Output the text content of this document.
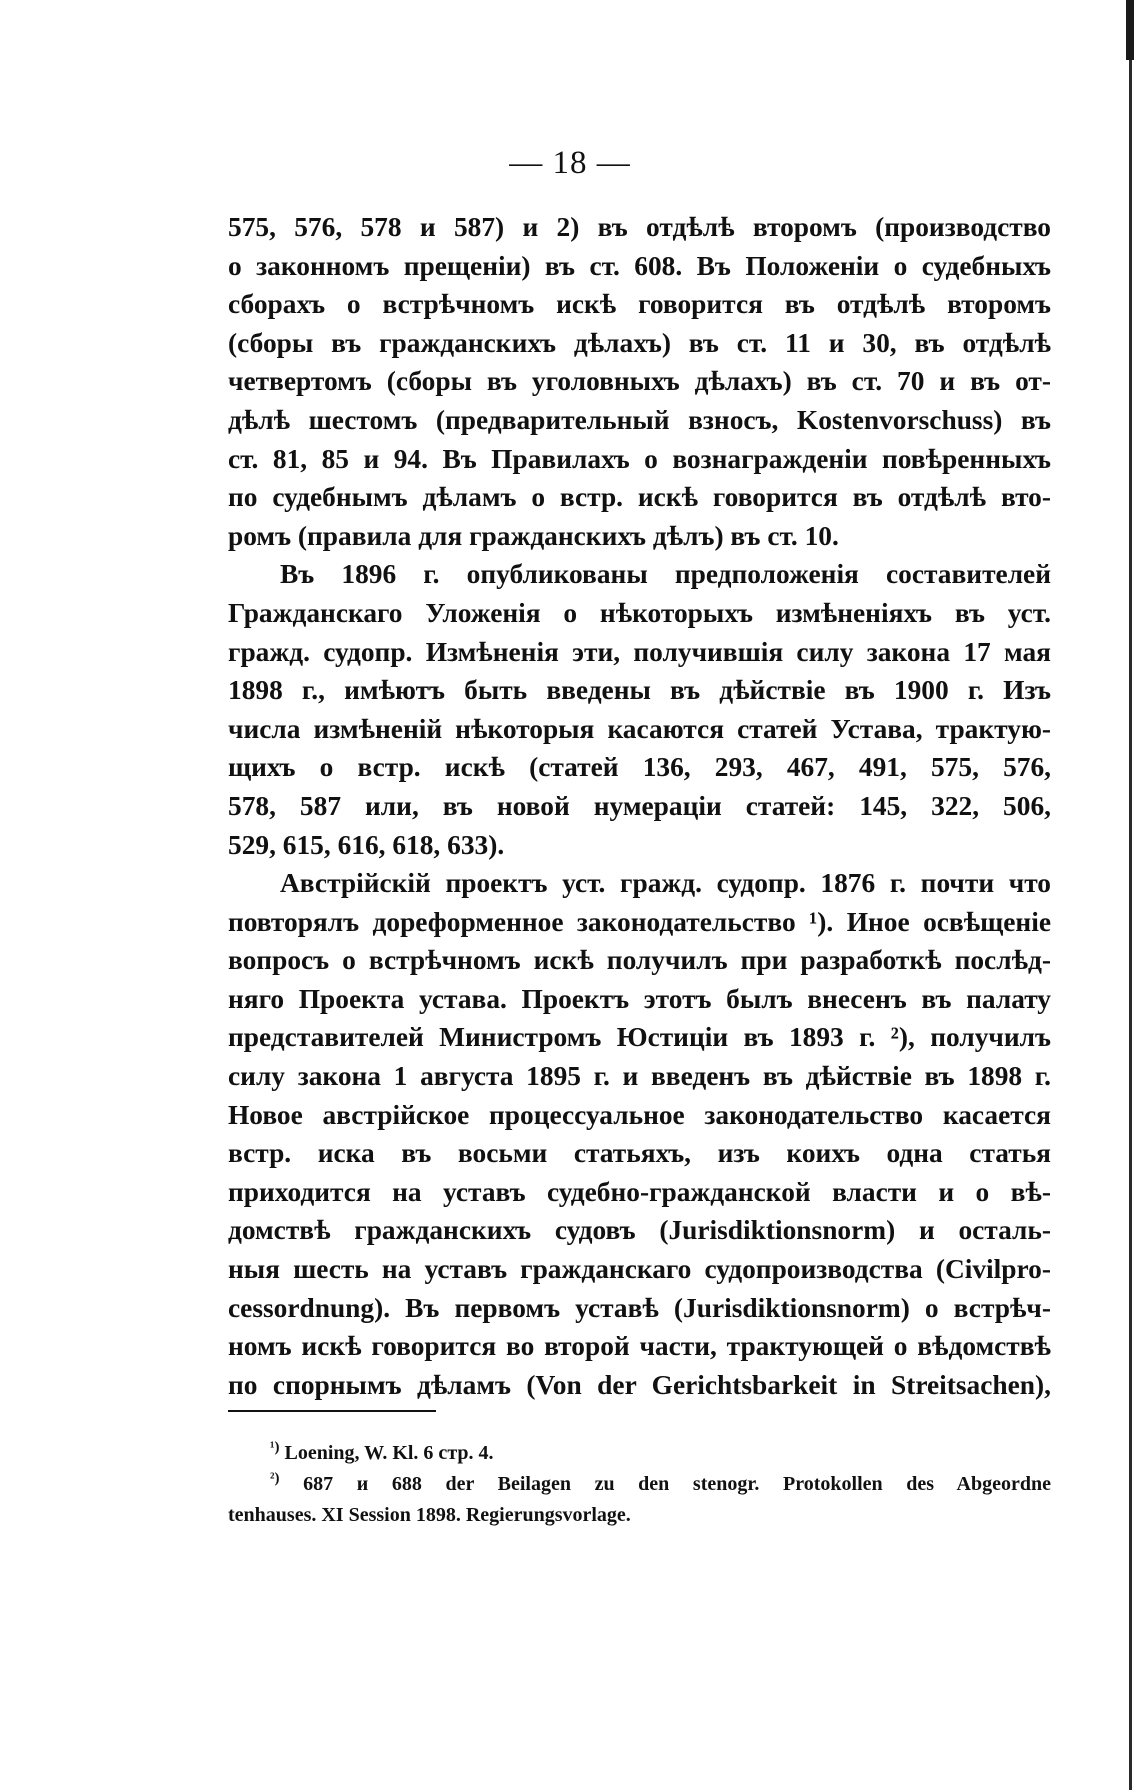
— 18 —
575, 576, 578 и 587) и 2) въ отдѣлѣ второмъ (производство
о законномъ прещеніи) въ ст. 608. Въ Положеніи о судебныхъ
сборахъ о встрѣчномъ искѣ говорится въ отдѣлѣ второмъ
(сборы въ гражданскихъ дѣлахъ) въ ст. 11 и 30, въ отдѣлѣ
четвертомъ (сборы въ уголовныхъ дѣлахъ) въ ст. 70 и въ от-
дѣлѣ шестомъ (предварительный взносъ, Kostenvorschuss) въ
ст. 81, 85 и 94. Въ Правилахъ о вознагражденіи повѣренныхъ
по судебнымъ дѣламъ о встр. искѣ говорится въ отдѣлѣ вто-
ромъ (правила для гражданскихъ дѣлъ) въ ст. 10.
Въ 1896 г. опубликованы предположенія составителей
Гражданскаго Уложенія о нѣкоторыхъ измѣненіяхъ въ уст.
гражд. судопр. Измѣненія эти, получившія силу закона 17 мая
1898 г., имѣютъ быть введены въ дѣйствіе въ 1900 г. Изъ
числа измѣненій нѣкоторыя касаются статей Устава, трактую-
щихъ о встр. искѣ (статей 136, 293, 467, 491, 575, 576,
578, 587 или, въ новой нумераціи статей: 145, 322, 506,
529, 615, 616, 618, 633).
Австрійскій проектъ уст. гражд. судопр. 1876 г. почти что
повторялъ дореформенное законодательство ¹). Иное освѣщеніе
вопросъ о встрѣчномъ искѣ получилъ при разработкѣ послѣд-
няго Проекта устава. Проектъ этотъ былъ внесенъ въ палату
представителей Министромъ Юстиціи въ 1893 г. ²), получилъ
силу закона 1 августа 1895 г. и введенъ въ дѣйствіе въ 1898 г.
Новое австрійское процессуальное законодательство касается
встр. иска въ восьми статьяхъ, изъ коихъ одна статья
приходится на уставъ судебно-гражданской власти и о вѣ-
домствѣ гражданскихъ судовъ (Jurisdiktionsnorm) и осталь-
ныя шесть на уставъ гражданскаго судопроизводства (Civilpro-
cessordnung). Въ первомъ уставѣ (Jurisdiktionsnorm) о встрѣч-
номъ искѣ говорится во второй части, трактующей о вѣдомствѣ
по спорнымъ дѣламъ (Von der Gerichtsbarkeit in Streitsachen),
$^{^1)}$ Loening, W. Kl. 6 стр. 4.
$^{^2)}$ 687 и 688 der Beilagen zu den stenogr. Protokollen des Abgeordne
tenhauses. XI Session 1898. Regierungsvorlage.
